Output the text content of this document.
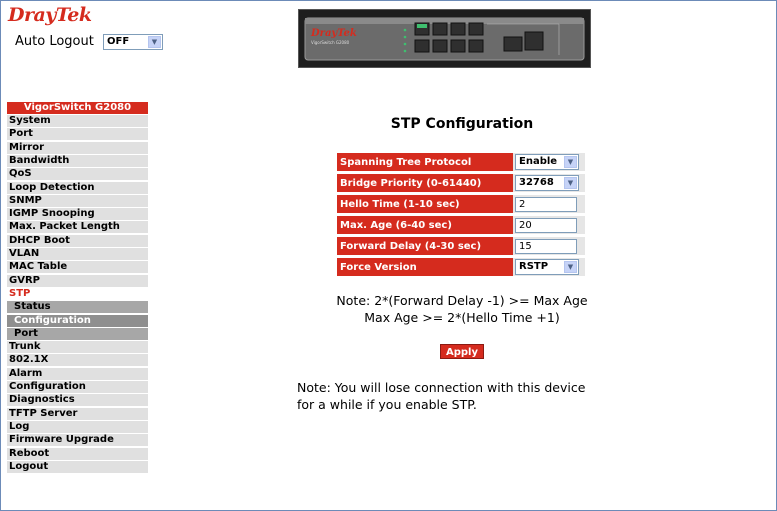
DrayTek
Auto Logout	OFF	▼
VigorSwitch G2080
System
Port
Mirror
Bandwidth
QoS
Loop Detection
SNMP
IGMP Snooping
Max. Packet Length
DHCP Boot
VLAN
MAC Table
GVRP
STP
Status
Configuration
Port
Trunk
802.1X
Alarm
Configuration
Diagnostics
TFTP Server
Log
Firmware Upgrade
Reboot
Logout
DrayTek
VigorSwitch G2080
STP Configuration
Spanning Tree Protocol	Enable ▼

Bridge Priority (0-61440)	32768 ▼

Hello Time (1-10 sec)	2

Max. Age (6-40 sec)	20

Forward Delay (4-30 sec)	15

Force Version	RSTP ▼
Note: 2*(Forward Delay -1) >= Max Age
Max Age >= 2*(Hello Time +1)
Apply
Note: You will lose connection with this device
for a while if you enable STP.
